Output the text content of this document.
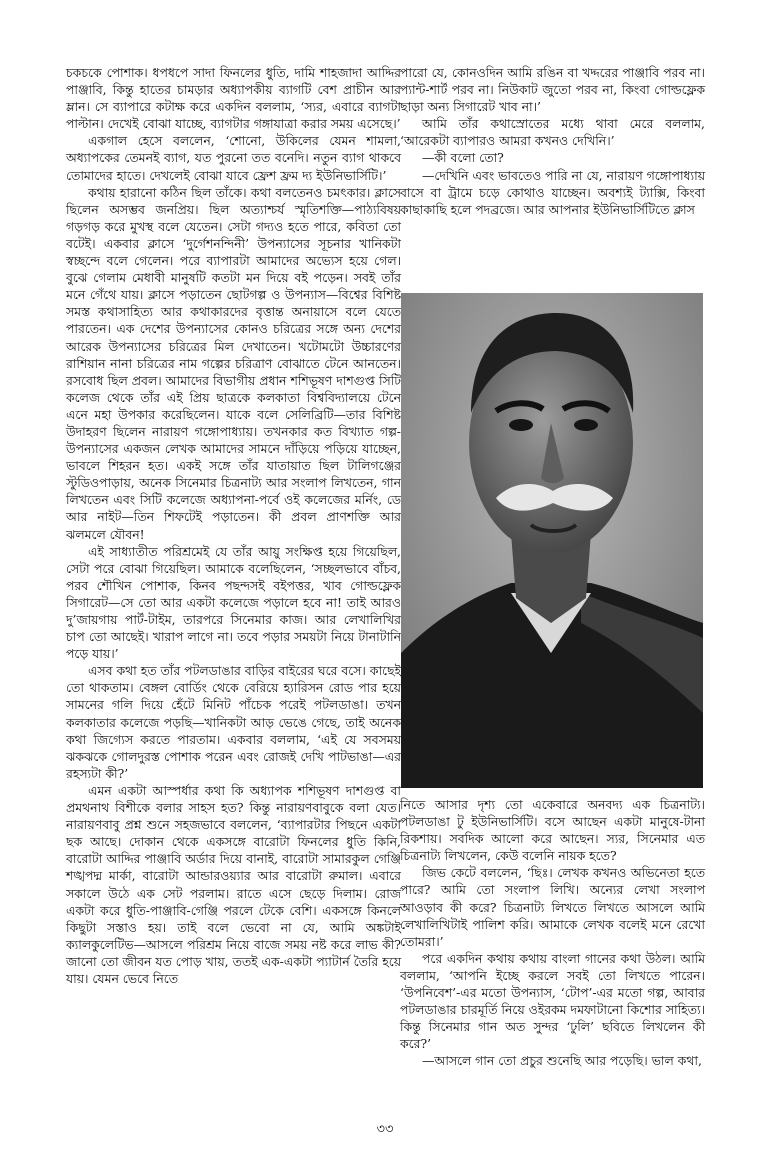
চকচকে পোশাক। ধপধপে সাদা ফিনলের ধুতি, দামি শাহজাদা আদ্দির পাঞ্জাবি, কিন্তু হাতের চামড়ার অধ্যাপকীয় ব্যাগটি বেশ প্রাচীন আর ম্লান। সে ব্যাপারে কটাক্ষ করে একদিন বললাম, ‘স্যর, এবারে ব্যাগটা পাল্টান। দেখেই বোঝা যাচ্ছে, ব্যাগটার গঙ্গাযাত্রা করার সময় এসেছে।’

একগাল হেসে বললেন, ‘শোনো, উকিলের যেমন শামলা, অধ্যাপকের তেমনই ব্যাগ, যত পুরনো তত বনেদি। নতুন ব্যাগ থাকবে তোমাদের হাতে। দেখলেই বোঝা যাবে ফ্রেশ ফ্রম দ্য ইউনিভার্সিটি।’

কথায় হারানো কঠিন ছিল তাঁকে। কথা বলতেনও চমৎকার। ক্লাসে ছিলেন অসম্ভব জনপ্রিয়। ছিল অত্যাশ্চর্য স্মৃতিশক্তি—পাঠ্যবিষয় গড়গড় করে মুখস্থ বলে যেতেন। সেটা গদ্যও হতে পারে, কবিতা তো বটেই। একবার ক্লাসে ‘দুর্গেশনন্দিনী’ উপন্যাসের সূচনার খানিকটা স্বচ্ছন্দে বলে গেলেন। পরে ব্যাপারটা আমাদের অভ্যেস হয়ে গেল। বুঝে গেলাম মেধাবী মানুষটি কতটা মন দিয়ে বই পড়েন। সবই তাঁর মনে গেঁথে যায়। ক্লাসে পড়াতেন ছোটগল্প ও উপন্যাস—বিশ্বের বিশিষ্ট সমস্ত কথাসাহিত্য আর কথাকারদের বৃত্তান্ত অনায়াসে বলে যেতে পারতেন। এক দেশের উপন্যাসের কোনও চরিত্রের সঙ্গে অন্য দেশের আরেক উপন্যাসের চরিত্রের মিল দেখাতেন। খটোমটো উচ্চারণের রাশিয়ান নানা চরিত্রের নাম গল্পের চরিত্রাণ বোঝাতে টেনে আনতেন। রসবোধ ছিল প্রবল। আমাদের বিভাগীয় প্রধান শশিভূষণ দাশগুপ্ত সিটি কলেজ থেকে তাঁর এই প্রিয় ছাত্রকে কলকাতা বিশ্ববিদ্যালয়ে টেনে এনে মহা উপকার করেছিলেন। যাকে বলে সেলিব্রিটি—তার বিশিষ্ট উদাহরণ ছিলেন নারায়ণ গঙ্গোপাধ্যায়। তখনকার কত বিখ্যাত গল্প-উপন্যাসের একজন লেখক আমাদের সামনে দাঁড়িয়ে পড়িয়ে যাচ্ছেন, ভাবলে শিহরন হত। একই সঙ্গে তাঁর যাতায়াত ছিল টালিগঞ্জের স্টুডিওপাড়ায়, অনেক সিনেমার চিত্রনাট্য আর সংলাপ লিখতেন, গান লিখতেন এবং সিটি কলেজে অধ্যাপনা-পর্বে ওই কলেজের মর্নিং, ডে আর নাইট—তিন শিফটেই পড়াতেন। কী প্রবল প্রাণশক্তি আর ঝলমলে যৌবন!

এই সাধ্যাতীত পরিশ্রমেই যে তাঁর আয়ু সংক্ষিপ্ত হয়ে গিয়েছিল, সেটা পরে বোঝা গিয়েছিল। আমাকে বলেছিলেন, ‘সচ্ছলভাবে বাঁচব, পরব শৌখিন পোশাক, কিনব পছন্দসই বইপত্তর, খাব গোল্ডফ্লেক সিগারেট—সে তো আর একটা কলেজে পড়ালে হবে না! তাই আরও দু’জায়গায় পার্ট-টাইম, তারপরে সিনেমার কাজ। আর লেখালিখির চাপ তো আছেই। খারাপ লাগে না। তবে পড়ার সময়টা নিয়ে টানাটানি পড়ে যায়।’

এসব কথা হত তাঁর পটলডাঙার বাড়ির বাইরের ঘরে বসে। কাছেই তো থাকতাম। বেঙ্গল বোর্ডিং থেকে বেরিয়ে হ্যারিসন রোড পার হয়ে সামনের গলি দিয়ে হেঁটে মিনিট পাঁচেক পরেই পটলডাঙা। তখন কলকাতার কলেজে পড়ছি—খানিকটা আড় ভেঙে গেছে, তাই অনেক কথা জিগ্যেস করতে পারতাম। একবার বললাম, ‘এই যে সবসময় ঝকঝকে গোলদুরস্ত পোশাক পরেন এবং রোজই দেখি পাটভাঙা—এর রহস্যটা কী?’

এমন একটা আস্পর্ধার কথা কি অধ্যাপক শশিভূষণ দাশগুপ্ত বা প্রমথনাথ বিশীকে বলার সাহস হত? কিন্তু নারায়ণবাবুকে বলা যেত। নারায়ণবাবু প্রশ্ন শুনে সহজভাবে বললেন, ‘ব্যাপারটার পিছনে একটা ছক আছে। দোকান থেকে একসঙ্গে বারোটা ফিনলের ধুতি কিনি, বারোটা আদ্দির পাঞ্জাবি অর্ডার দিয়ে বানাই, বারোটা সামারকুল গেঞ্জি শঙ্খপদ্ম মার্কা, বারোটা আন্ডারওয়্যার আর বারোটা রুমাল। এবারে সকালে উঠে এক সেট পরলাম। রাতে এসে ছেড়ে দিলাম। রোজ একটা করে ধুতি-পাঞ্জাবি-গেঞ্জি পরলে টেকে বেশি। একসঙ্গে কিনলে কিছুটা সস্তাও হয়। তাই বলে ভেবো না যে, আমি অঙ্কটাই ক্যালকুলেটিভ—আসলে পরিশ্রম নিয়ে বাজে সময় নষ্ট করে লাভ কী? জানো তো জীবন যত পোড় খায়, ততই এক-একটা প্যাটার্ন তৈরি হয়ে যায়। যেমন ভেবে নিতে

পারো যে, কোনওদিন আমি রঙিন বা খদ্দরের পাঞ্জাবি পরব না। প্যান্ট-শার্ট পরব না। নিউকাট জুতো পরব না, কিংবা গোল্ডফ্লেক ছাড়া অন্য সিগারেট খাব না।’

আমি তাঁর কথাস্রোতের মধ্যে থাবা মেরে বললাম, ‘আরেকটা ব্যাপারও আমরা কখনও দেখিনি।’

—কী বলো তো?

—দেখিনি এবং ভাবতেও পারি না যে, নারায়ণ গঙ্গোপাধ্যায় বাসে বা ট্রামে চড়ে কোথাও যাচ্ছেন। অবশ্যই ট্যাক্সি, কিংবা কাছাকাছি হলে পদব্রজে। আর আপনার ইউনিভার্সিটিতে ক্লাস

নিতে আসার দৃশ্য তো একেবারে অনবদ্য এক চিত্রনাট্য। পটলডাঙা টু ইউনিভার্সিটি। বসে আছেন একটা মানুষে-টানা রিকশায়। সবদিক আলো করে আছেন। স্যর, সিনেমার এত চিত্রনাট্য লিখলেন, কেউ বলেনি নায়ক হতে?

জিভ কেটে বললেন, ‘ছিঃ। লেখক কখনও অভিনেতা হতে পারে? আমি তো সংলাপ লিখি। অন্যের লেখা সংলাপ আওড়াব কী করে? চিত্রনাট্য লিখতে লিখতে আসলে আমি লেখালিখিটাই পালিশ করি। আমাকে লেখক বলেই মনে রেখো তোমরা।’

পরে একদিন কথায় কথায় বাংলা গানের কথা উঠল। আমি বললাম, ‘আপনি ইচ্ছে করলে সবই তো লিখতে পারেন। ‘উপনিবেশ’-এর মতো উপন্যাস, ‘টোপ’-এর মতো গল্প, আবার পটলডাঙার চারমূর্তি নিয়ে ওইরকম দমফাটানো কিশোর সাহিত্য। কিন্তু সিনেমার গান অত সুন্দর ‘ঢুলি’ ছবিতে লিখলেন কী করে?’

—আসলে গান তো প্রচুর শুনেছি আর পড়েছি। ভাল কথা,

৩৩
